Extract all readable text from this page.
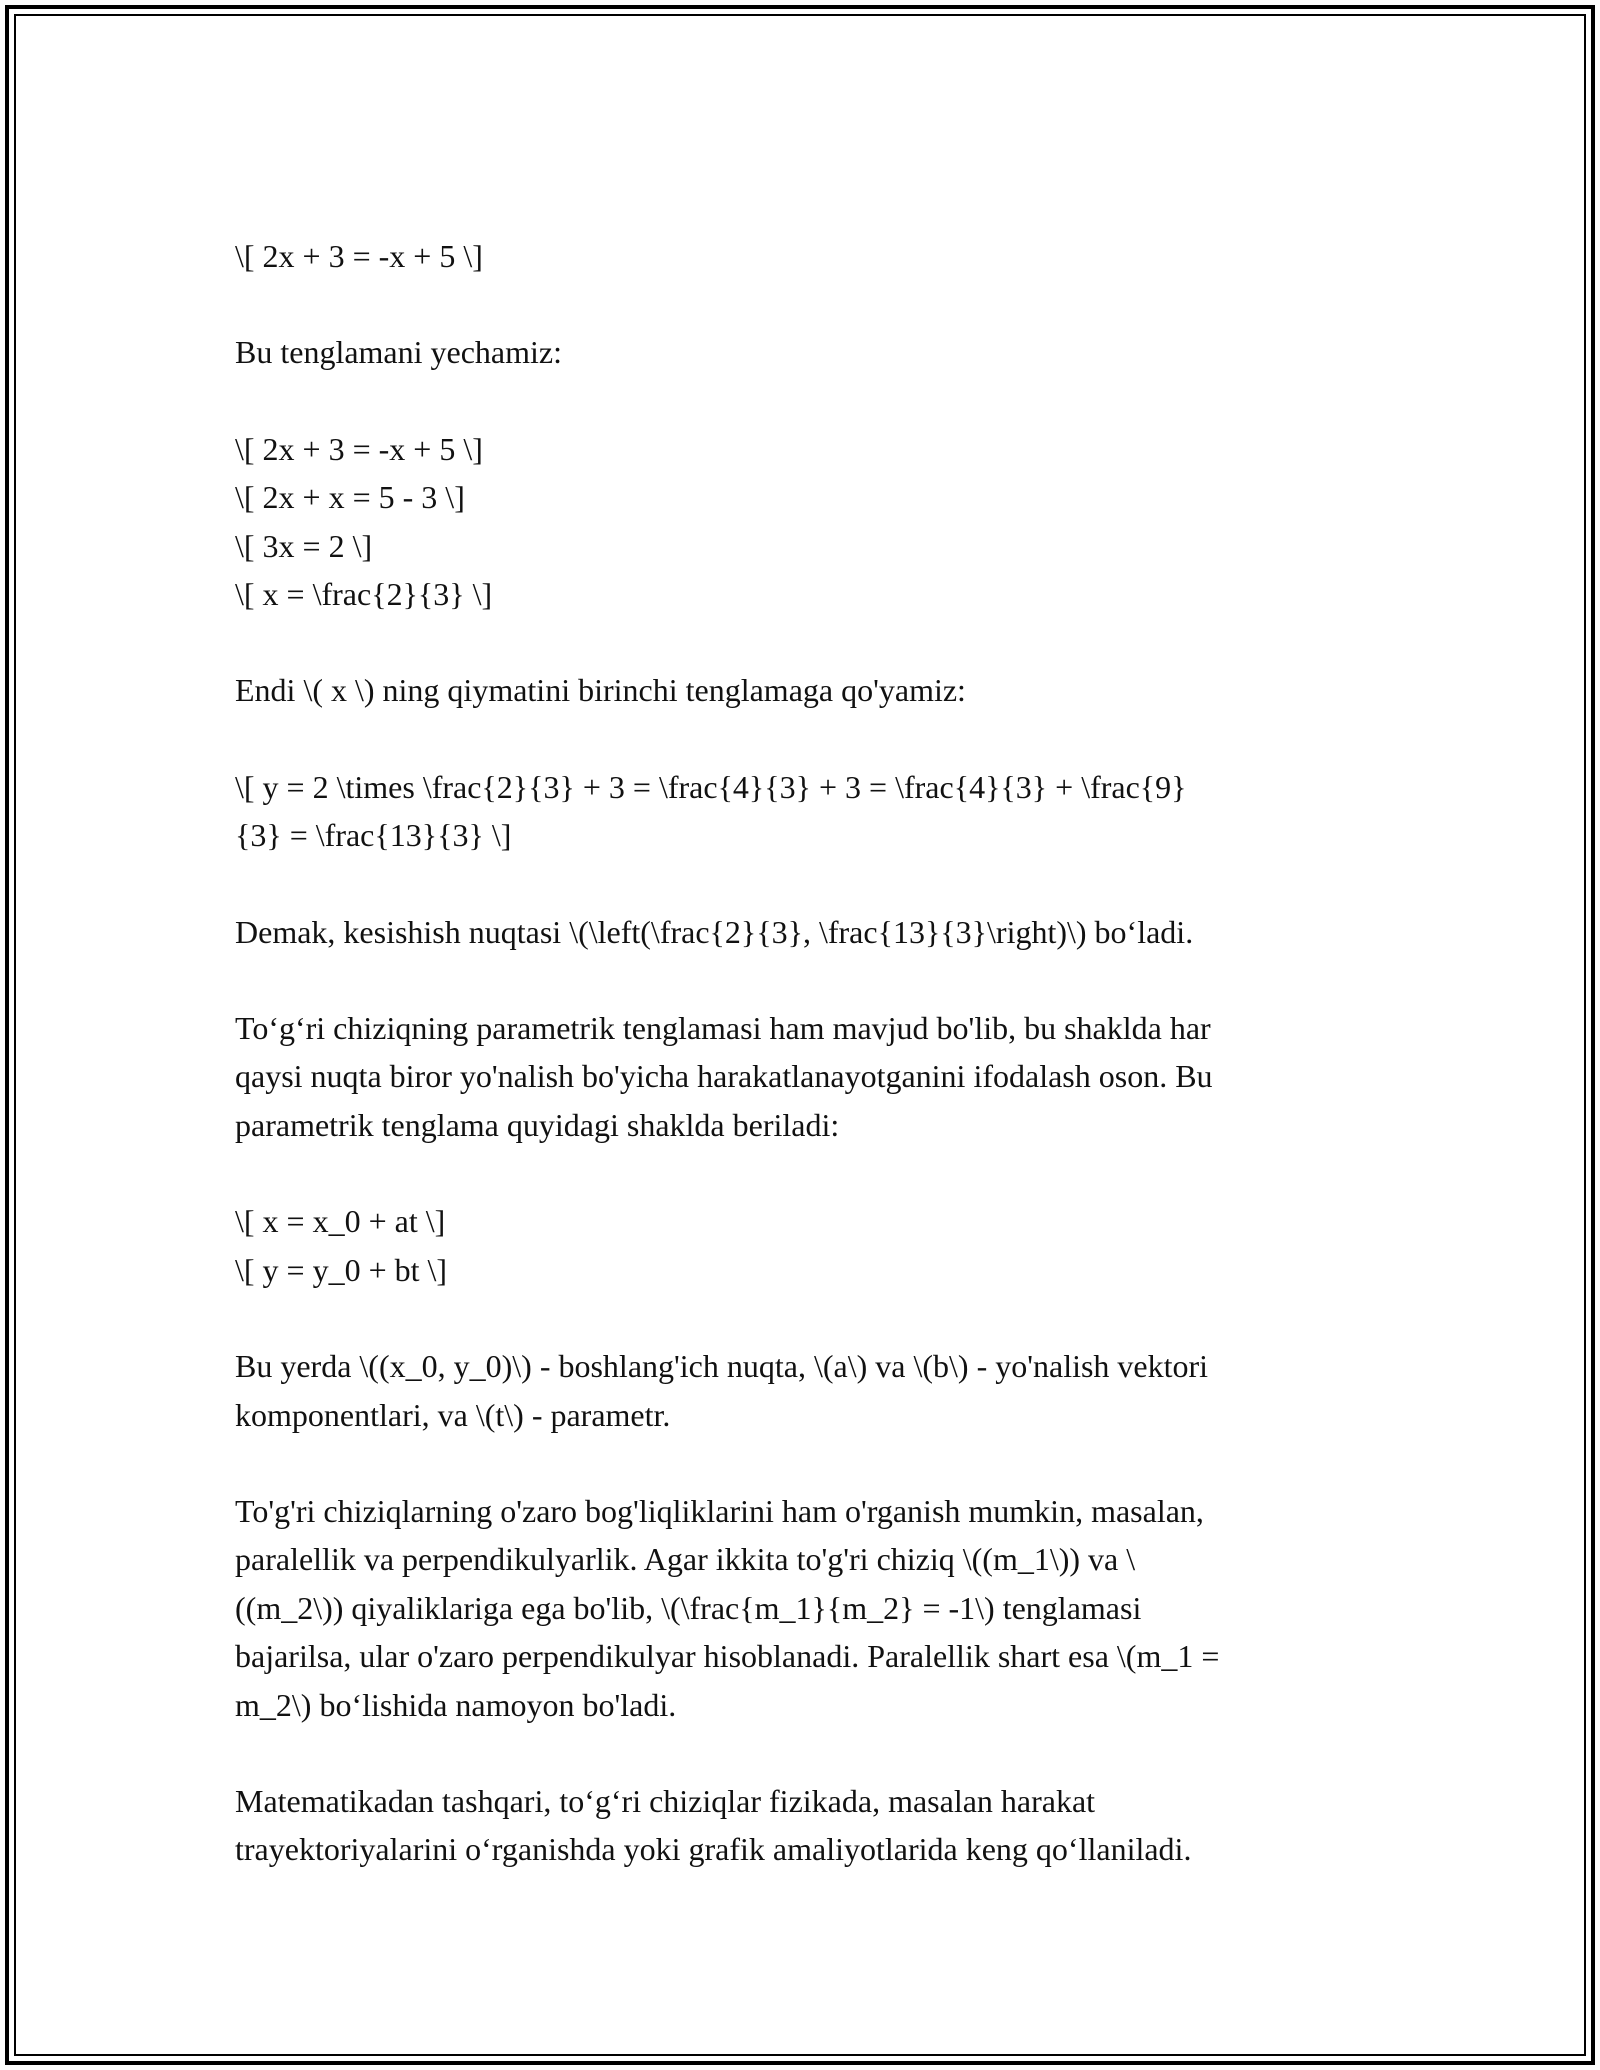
\[ 2x + 3 = -x + 5 \]
Bu tenglamani yechamiz:
\[ 2x + 3 = -x + 5 \]
\[ 2x + x = 5 - 3 \]
\[ 3x = 2 \]
\[ x = \frac{2}{3} \]
Endi \( x \) ning qiymatini birinchi tenglamaga qo'yamiz:
\[ y = 2 \times \frac{2}{3} + 3 = \frac{4}{3} + 3 = \frac{4}{3} + \frac{9}
{3} = \frac{13}{3} \]
Demak, kesishish nuqtasi \(\left(\frac{2}{3}, \frac{13}{3}\right)\) bo‘ladi.
To‘g‘ri chiziqning parametrik tenglamasi ham mavjud bo'lib, bu shaklda har
qaysi nuqta biror yo'nalish bo'yicha harakatlanayotganini ifodalash oson. Bu
parametrik tenglama quyidagi shaklda beriladi:
\[ x = x_0 + at \]
\[ y = y_0 + bt \]
Bu yerda \((x_0, y_0)\) - boshlang'ich nuqta, \(a\) va \(b\) - yo'nalish vektori
komponentlari, va \(t\) - parametr.
To'g'ri chiziqlarning o'zaro bog'liqliklarini ham o'rganish mumkin, masalan,
paralellik va perpendikulyarlik. Agar ikkita to'g'ri chiziq \((m_1\)) va \
((m_2\)) qiyaliklariga ega bo'lib, \(\frac{m_1}{m_2} = -1\) tenglamasi
bajarilsa, ular o'zaro perpendikulyar hisoblanadi. Paralellik shart esa \(m_1 =
m_2\) bo‘lishida namoyon bo'ladi.
Matematikadan tashqari, to‘g‘ri chiziqlar fizikada, masalan harakat
trayektoriyalarini o‘rganishda yoki grafik amaliyotlarida keng qo‘llaniladi.
